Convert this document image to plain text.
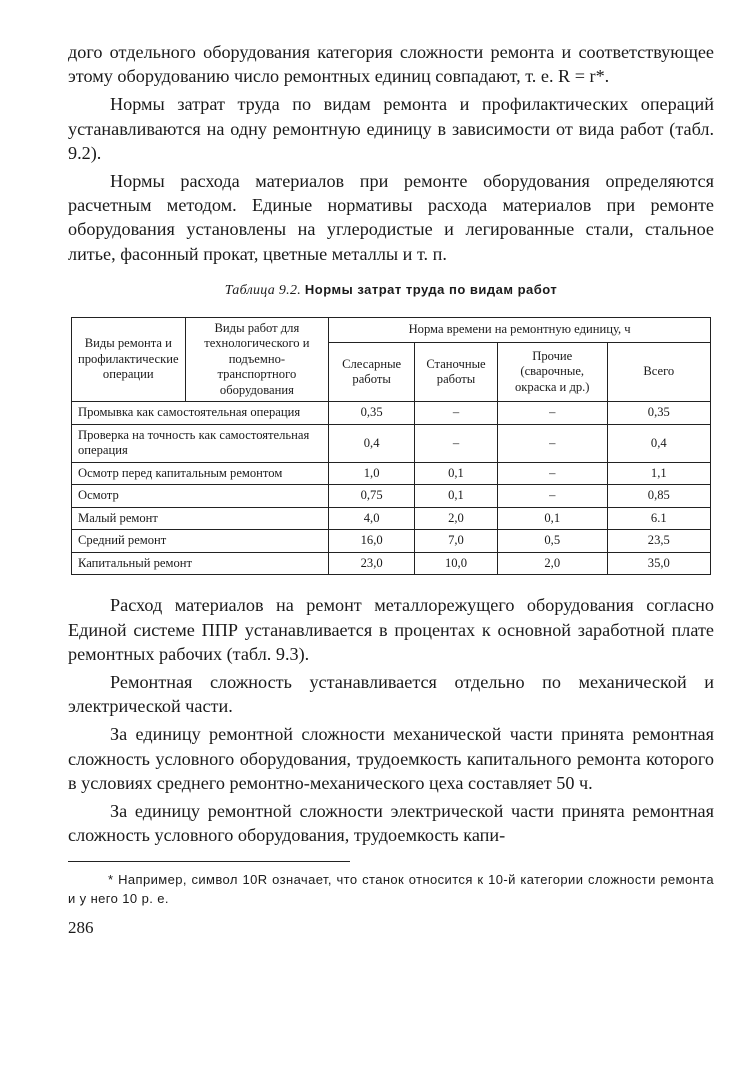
дого отдельного оборудования категория сложности ремонта и соответствующее этому оборудованию число ремонтных единиц совпадают, т. е. R = r*.

Нормы затрат труда по видам ремонта и профилактических операций устанавливаются на одну ремонтную единицу в зависимости от вида работ (табл. 9.2).

Нормы расхода материалов при ремонте оборудования определяются расчетным методом. Единые нормативы расхода материалов при ремонте оборудования установлены на углеродистые и легированные стали, стальное литье, фасонный прокат, цветные металлы и т. п.

Таблица 9.2. Нормы затрат труда по видам работ
Виды ремонта и профилактические операции	Виды работ для технологического и подъемно-транспортного оборудования	Норма времени на ремонтную единицу, ч			
		Слесарные работы	Станочные работы	Прочие (сварочные, окраска и др.)	Всего
Промывка как самостоятельная операция		0,35	–	–	0,35
Проверка на точность как самостоятельная операция		0,4	–	–	0,4
Осмотр перед капитальным ремонтом		1,0	0,1	–	1,1
Осмотр		0,75	0,1	–	0,85
Малый ремонт		4,0	2,0	0,1	6.1
Средний ремонт		16,0	7,0	0,5	23,5
Капитальный ремонт		23,0	10,0	2,0	35,0

Расход материалов на ремонт металлорежущего оборудования согласно Единой системе ППР устанавливается в процентах к основной заработной плате ремонтных рабочих (табл. 9.3).

Ремонтная сложность устанавливается отдельно по механической и электрической части.

За единицу ремонтной сложности механической части принята ремонтная сложность условного оборудования, трудоемкость капитального ремонта которого в условиях среднего ремонтно-механического цеха составляет 50 ч.

За единицу ремонтной сложности электрической части принята ремонтная сложность условного оборудования, трудоемкость капи-

* Например, символ 10R означает, что станок относится к 10-й категории сложности ремонта и у него 10 р. е.

286
